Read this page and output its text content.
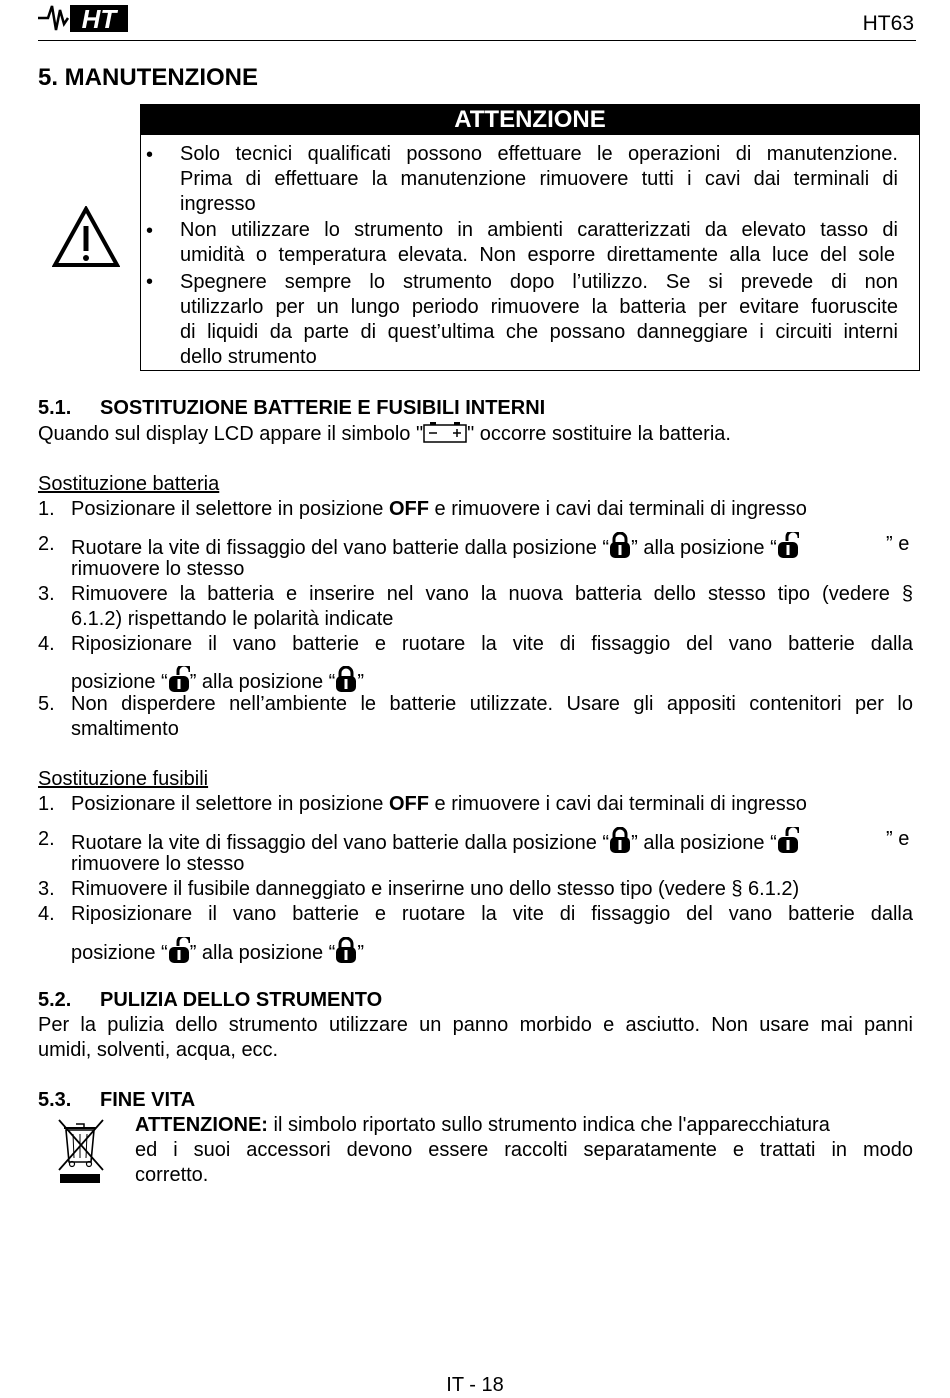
HT	HT63
5. MANUTENZIONE
ATTENZIONE
•
•
•
Solo tecnici qualificati possono effettuare le operazioni di manutenzione.
Prima di effettuare la manutenzione rimuovere tutti i cavi dai terminali di
ingresso
Non utilizzare lo strumento in ambienti caratterizzati da elevato tasso di
umidità o temperatura elevata. Non esporre direttamente alla luce del sole
Spegnere sempre lo strumento dopo l’utilizzo. Se si prevede di non
utilizzarlo per un lungo periodo rimuovere la batteria per evitare fuoruscite
di liquidi da parte di quest’ultima che possano danneggiare i circuiti interni
dello strumento
5.1. SOSTITUZIONE BATTERIE E FUSIBILI INTERNI
Quando sul display LCD appare il simbolo " " occorre sostituire la batteria.
Sostituzione batteria
1. Posizionare il selettore in posizione OFF e rimuovere i cavi dai terminali di ingresso
2. Ruotare la vite di fissaggio del vano batterie dalla posizione “ ” alla posizione “	” e
rimuovere lo stesso
3. Rimuovere la batteria e inserire nel vano la nuova batteria dello stesso tipo (vedere §
6.1.2) rispettando le polarità indicate
4. Riposizionare il vano batterie e ruotare la vite di fissaggio del vano batterie dalla
posizione “ ” alla posizione “ ”
5. Non disperdere nell’ambiente le batterie utilizzate. Usare gli appositi contenitori per lo
smaltimento
Sostituzione fusibili
1. Posizionare il selettore in posizione OFF e rimuovere i cavi dai terminali di ingresso
2. Ruotare la vite di fissaggio del vano batterie dalla posizione “ ” alla posizione “	” e
rimuovere lo stesso
3. Rimuovere il fusibile danneggiato e inserirne uno dello stesso tipo (vedere § 6.1.2)
4. Riposizionare il vano batterie e ruotare la vite di fissaggio del vano batterie dalla
posizione “ ” alla posizione “ ”
5.2. PULIZIA DELLO STRUMENTO
Per la pulizia dello strumento utilizzare un panno morbido e asciutto. Non usare mai panni
umidi, solventi, acqua, ecc.
5.3. FINE VITA
ATTENZIONE: il simbolo riportato sullo strumento indica che l'apparecchiatura
ed i suoi accessori devono essere raccolti separatamente e trattati in modo
corretto.
IT - 18
